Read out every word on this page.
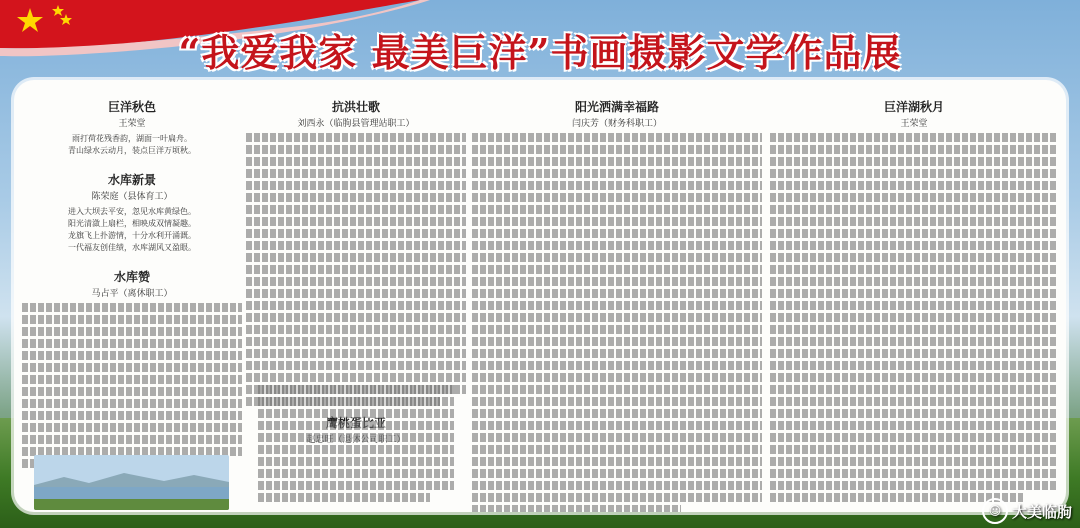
“我爱我家 最美巨洋”书画摄影文学作品展

巨洋秋色

王荣堂

雨打荷花残香韵，湖面一叶扁舟。
青山绿水云动月，装点巨洋万顷秋。

水库新景

陈荣庭（县体育工）

进入大坝去平安，忽见水库黄绿色。
阳光清潋上扇栏，相映成双情凝趣。
龙旗飞上扑游情，十分水利开涌溉。
一代福友创佳绩，水库湖风又盈眼。

水库赞

马占平（离休职工）

抗洪壮歌

刘西永（临朐县管理站职工）

阳光洒满幸福路

闫庆芳（财务科职工）

巨洋湖秋月

王荣堂

☺ 大美临朐
